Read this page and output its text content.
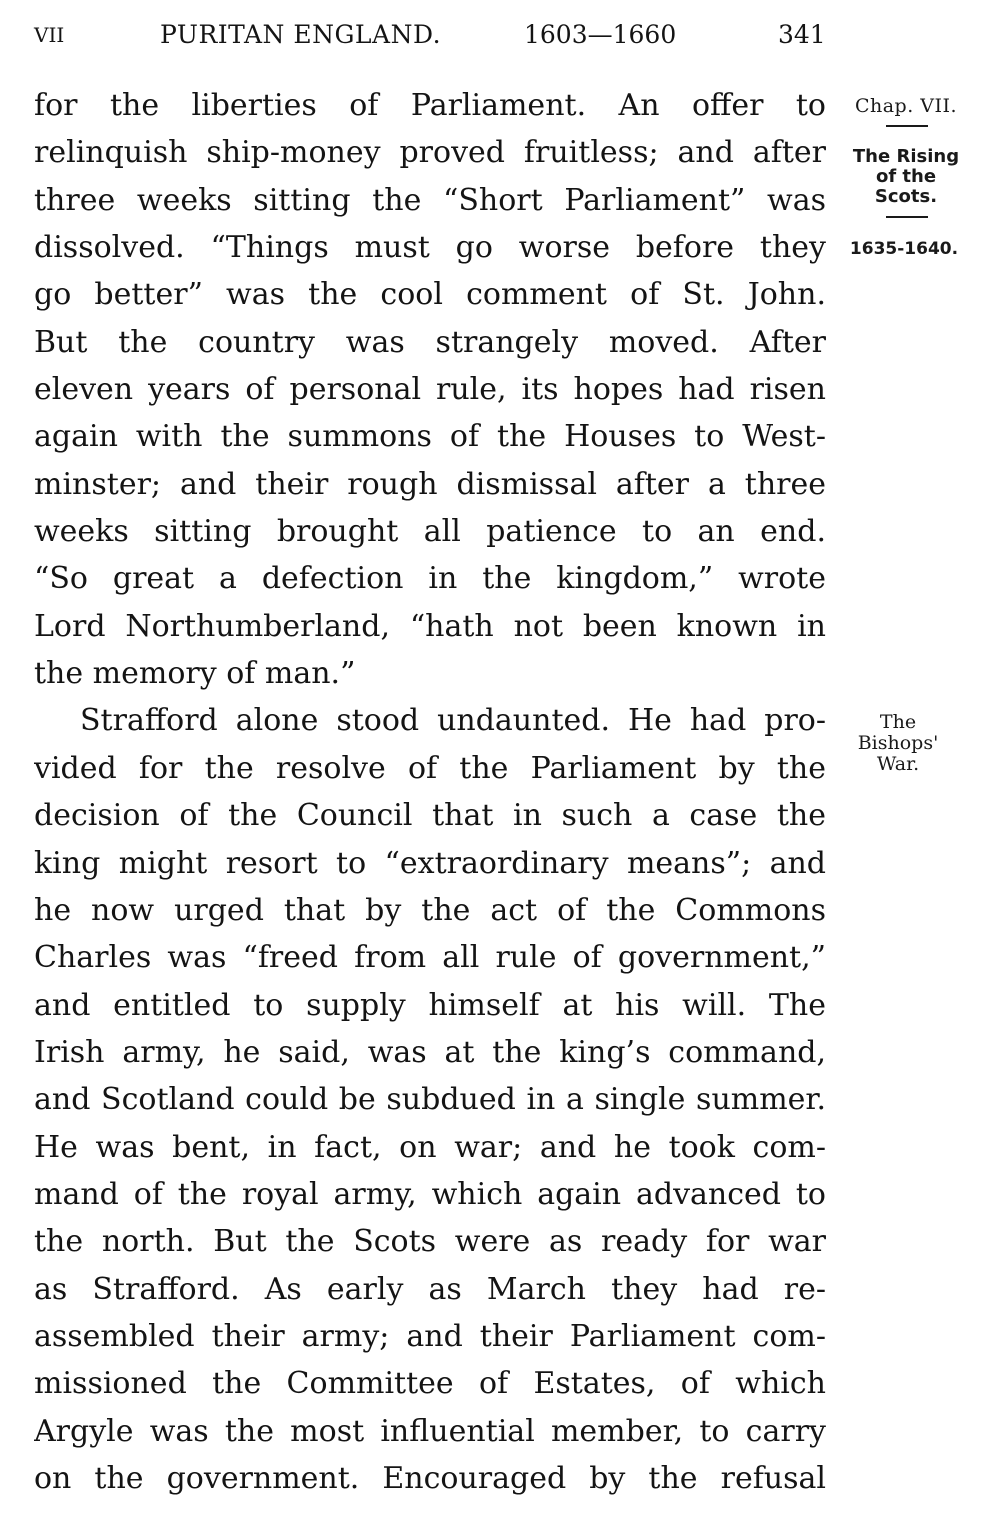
VII	PURITAN ENGLAND.	1603—1660	341
for the liberties of Parliament. An offer to
relinquish ship-money proved fruitless; and after
three weeks sitting the “Short Parliament” was
dissolved. “Things must go worse before they
go better” was the cool comment of St. John.
But the country was strangely moved. After
eleven years of personal rule, its hopes had risen
again with the summons of the Houses to West-
minster; and their rough dismissal after a three
weeks sitting brought all patience to an end.
“So great a defection in the kingdom,” wrote
Lord Northumberland, “hath not been known in
the memory of man.”
Strafford alone stood undaunted. He had pro-
vided for the resolve of the Parliament by the
decision of the Council that in such a case the
king might resort to “extraordinary means”; and
he now urged that by the act of the Commons
Charles was “freed from all rule of government,”
and entitled to supply himself at his will. The
Irish army, he said, was at the king’s command,
and Scotland could be subdued in a single summer.
He was bent, in fact, on war; and he took com-
mand of the royal army, which again advanced to
the north. But the Scots were as ready for war
as Strafford. As early as March they had re-
assembled their army; and their Parliament com-
missioned the Committee of Estates, of which
Argyle was the most influential member, to carry
on the government. Encouraged by the refusal
Chap. VII.
The Rising
of the
Scots.
1635-1640.
The
Bishops'
War.
